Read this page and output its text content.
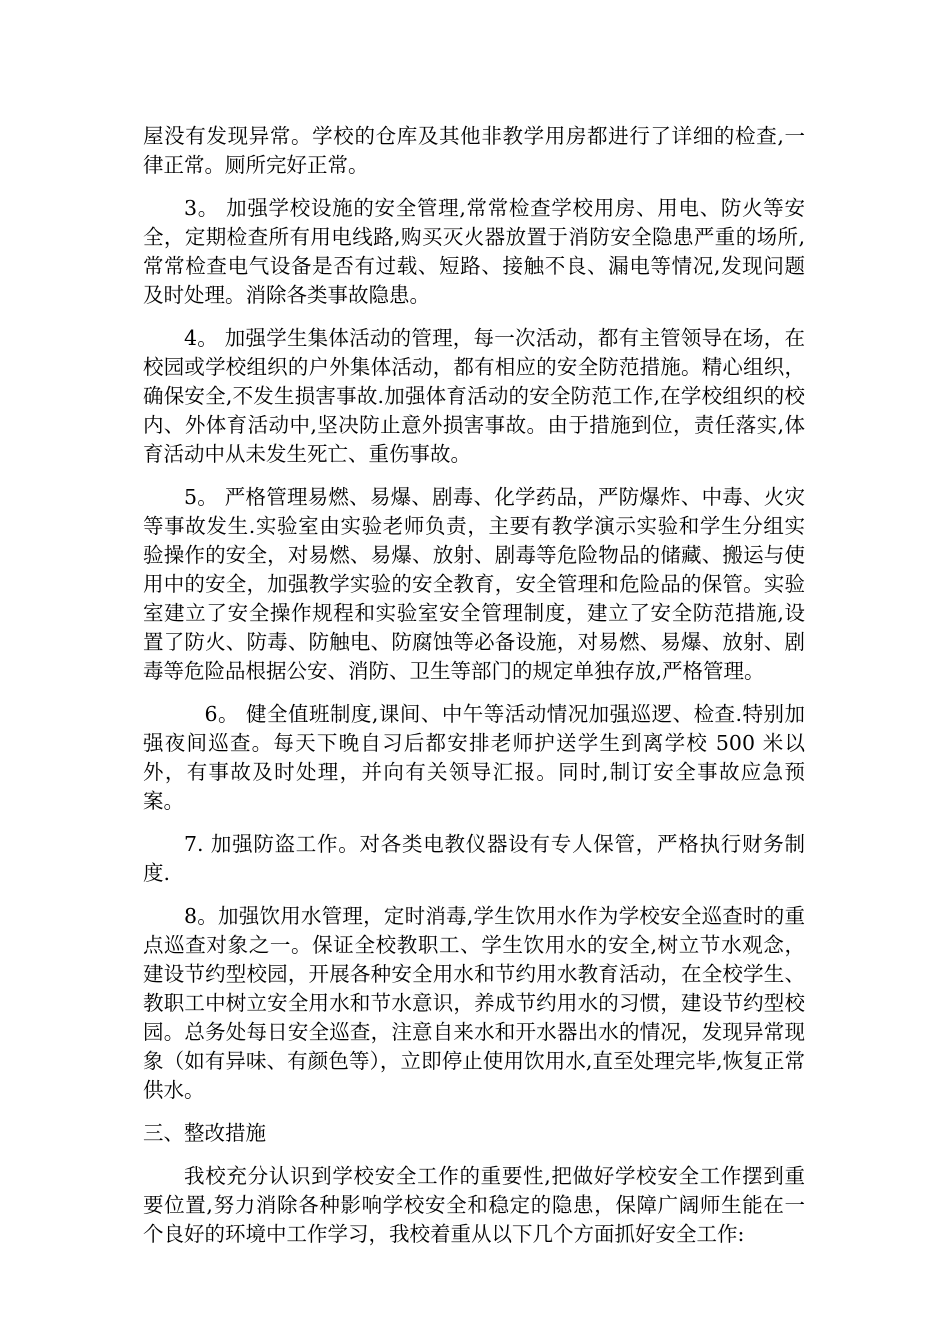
屋没有发现异常。学校的仓库及其他非教学用房都进行了详细的检查,一律正常。厕所完好正常。

3。 加强学校设施的安全管理,常常检查学校用房、用电、防火等安全，定期检查所有用电线路,购买灭火器放置于消防安全隐患严重的场所,常常检查电气设备是否有过载、短路、接触不良、漏电等情况,发现问题及时处理。消除各类事故隐患。

4。 加强学生集体活动的管理，每一次活动，都有主管领导在场，在校园或学校组织的户外集体活动，都有相应的安全防范措施。精心组织，确保安全,不发生损害事故.加强体育活动的安全防范工作,在学校组织的校内、外体育活动中,坚决防止意外损害事故。由于措施到位，责任落实,体育活动中从未发生死亡、重伤事故。

5。 严格管理易燃、易爆、剧毒、化学药品，严防爆炸、中毒、火灾等事故发生.实验室由实验老师负责，主要有教学演示实验和学生分组实验操作的安全，对易燃、易爆、放射、剧毒等危险物品的储藏、搬运与使用中的安全，加强教学实验的安全教育，安全管理和危险品的保管。实验室建立了安全操作规程和实验室安全管理制度，建立了安全防范措施,设置了防火、防毒、防触电、防腐蚀等必备设施，对易燃、易爆、放射、剧毒等危险品根据公安、消防、卫生等部门的规定单独存放,严格管理。

6。 健全值班制度,课间、中午等活动情况加强巡逻、检查.特别加强夜间巡查。每天下晚自习后都安排老师护送学生到离学校 500 米以外，有事故及时处理，并向有关领导汇报。同时,制订安全事故应急预案。

7. 加强防盗工作。对各类电教仪器设有专人保管，严格执行财务制度.

8。加强饮用水管理，定时消毒,学生饮用水作为学校安全巡查时的重点巡查对象之一。保证全校教职工、学生饮用水的安全,树立节水观念，建设节约型校园，开展各种安全用水和节约用水教育活动，在全校学生、教职工中树立安全用水和节水意识，养成节约用水的习惯，建设节约型校园。总务处每日安全巡查，注意自来水和开水器出水的情况，发现异常现象（如有异味、有颜色等），立即停止使用饮用水,直至处理完毕,恢复正常供水。

三、整改措施

我校充分认识到学校安全工作的重要性,把做好学校安全工作摆到重要位置,努力消除各种影响学校安全和稳定的隐患，保障广阔师生能在一个良好的环境中工作学习，我校着重从以下几个方面抓好安全工作:
